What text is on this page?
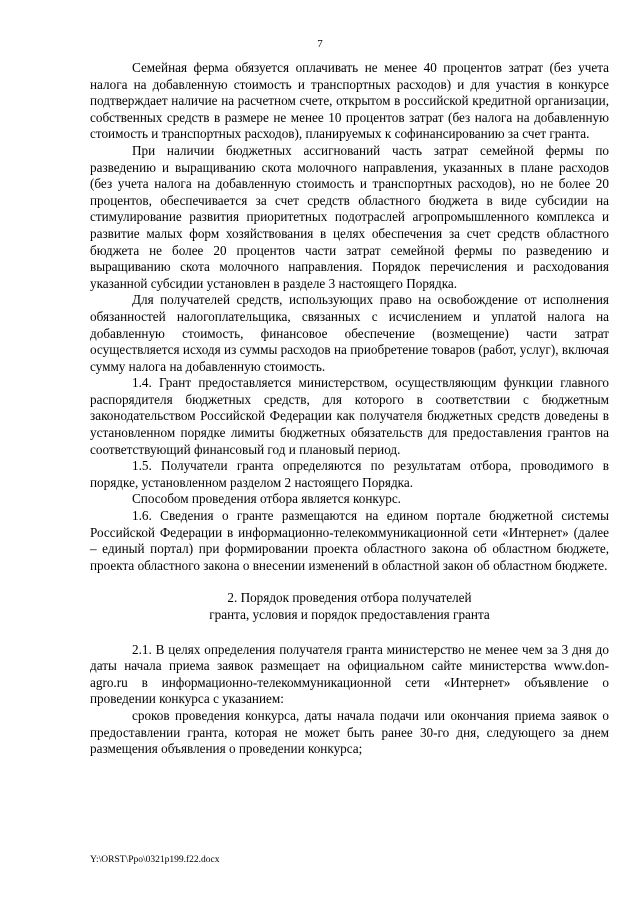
7

Семейная ферма обязуется оплачивать не менее 40 процентов затрат (без учета налога на добавленную стоимость и транспортных расходов) и для участия в конкурсе подтверждает наличие на расчетном счете, открытом в российской кредитной организации, собственных средств в размере не менее 10 процентов затрат (без налога на добавленную стоимость и транспортных расходов), планируемых к софинансированию за счет гранта.

При наличии бюджетных ассигнований часть затрат семейной фермы по разведению и выращиванию скота молочного направления, указанных в плане расходов (без учета налога на добавленную стоимость и транспортных расходов), но не более 20 процентов, обеспечивается за счет средств областного бюджета в виде субсидии на стимулирование развития приоритетных подотраслей агропромышленного комплекса и развитие малых форм хозяйствования в целях обеспечения за счет средств областного бюджета не более 20 процентов части затрат семейной фермы по разведению и выращиванию скота молочного направления. Порядок перечисления и расходования указанной субсидии установлен в разделе 3 настоящего Порядка.

Для получателей средств, использующих право на освобождение от исполнения обязанностей налогоплательщика, связанных с исчислением и уплатой налога на добавленную стоимость, финансовое обеспечение (возмещение) части затрат осуществляется исходя из суммы расходов на приобретение товаров (работ, услуг), включая сумму налога на добавленную стоимость.

1.4. Грант предоставляется министерством, осуществляющим функции главного распорядителя бюджетных средств, для которого в соответствии с бюджетным законодательством Российской Федерации как получателя бюджетных средств доведены в установленном порядке лимиты бюджетных обязательств для предоставления грантов на соответствующий финансовый год и плановый период.

1.5. Получатели гранта определяются по результатам отбора, проводимого в порядке, установленном разделом 2 настоящего Порядка.

Способом проведения отбора является конкурс.

1.6. Сведения о гранте размещаются на едином портале бюджетной системы Российской Федерации в информационно-телекоммуникационной сети «Интернет» (далее – единый портал) при формировании проекта областного закона об областном бюджете, проекта областного закона о внесении изменений в областной закон об областном бюджете.

2. Порядок проведения отбора получателей
гранта, условия и порядок предоставления гранта

2.1. В целях определения получателя гранта министерство не менее чем за 3 дня до даты начала приема заявок размещает на официальном сайте министерства www.don-agro.ru в информационно-телекоммуникационной сети «Интернет» объявление о проведении конкурса с указанием:

сроков проведения конкурса, даты начала подачи или окончания приема заявок о предоставлении гранта, которая не может быть ранее 30-го дня, следующего за днем размещения объявления о проведении конкурса;

Y:\ORST\Ppo\0321p199.f22.docx
